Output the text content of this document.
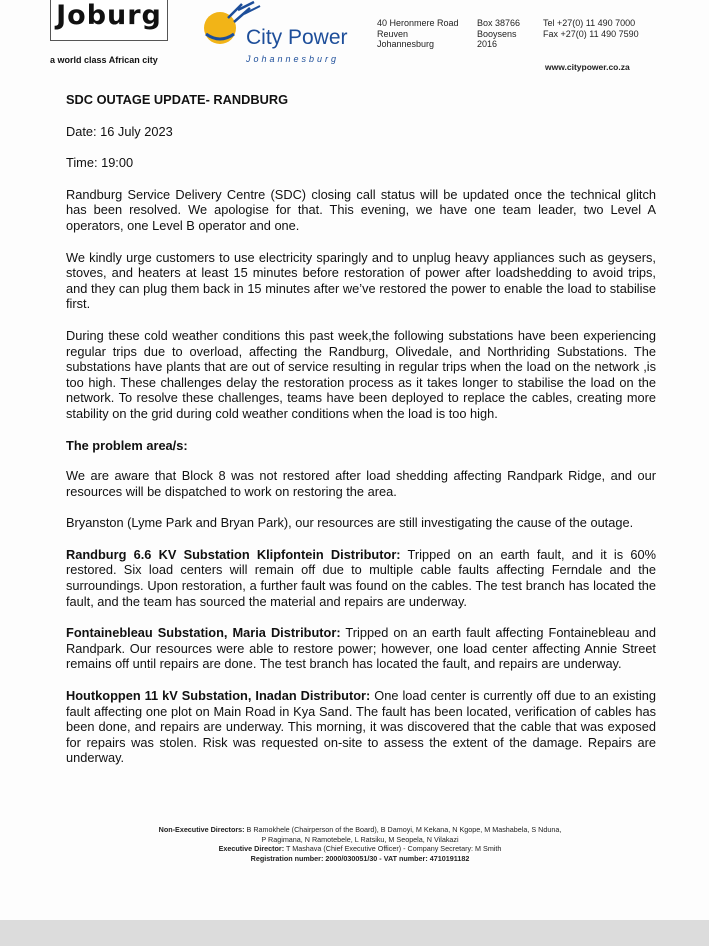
Joburg
a world class African city
City Power
Johannesburg
40 Heronmere Road
Reuven
Johannesburg
Box 38766
Booysens
2016
Tel +27(0) 11 490 7000
Fax +27(0) 11 490 7590
www.citypower.co.za
SDC OUTAGE UPDATE- RANDBURG
Date: 16 July 2023
Time: 19:00
Randburg Service Delivery Centre (SDC) closing call status will be updated once the technical glitch has been resolved. We apologise for that. This evening, we have one team leader, two Level A operators, one Level B operator and one.
We kindly urge customers to use electricity sparingly and to unplug heavy appliances such as geysers, stoves, and heaters at least 15 minutes before restoration of power after loadshedding to avoid trips, and they can plug them back in 15 minutes after we’ve restored the power to enable the load to stabilise first.
During these cold weather conditions this past week,the following substations have been experiencing regular trips due to overload, affecting the Randburg, Olivedale, and Northriding Substations. The substations have plants that are out of service resulting in regular trips when the load on the network ,is too high. These challenges delay the restoration process as it takes longer to stabilise the load on the network. To resolve these challenges, teams have been deployed to replace the cables, creating more stability on the grid during cold weather conditions when the load is too high.
The problem area/s:
We are aware that Block 8 was not restored after load shedding affecting Randpark Ridge, and our resources will be dispatched to work on restoring the area.
Bryanston (Lyme Park and Bryan Park), our resources are still investigating the cause of the outage.
Randburg 6.6 KV Substation Klipfontein Distributor: Tripped on an earth fault, and it is 60% restored. Six load centers will remain off due to multiple cable faults affecting Ferndale and the surroundings. Upon restoration, a further fault was found on the cables. The test branch has located the fault, and the team has sourced the material and repairs are underway.
Fontainebleau Substation, Maria Distributor: Tripped on an earth fault affecting Fontainebleau and Randpark. Our resources were able to restore power; however, one load center affecting Annie Street remains off until repairs are done. The test branch has located the fault, and repairs are underway.
Houtkoppen 11 kV Substation, Inadan Distributor: One load center is currently off due to an existing fault affecting one plot on Main Road in Kya Sand. The fault has been located, verification of cables has been done, and repairs are underway. This morning, it was discovered that the cable that was exposed for repairs was stolen. Risk was requested on-site to assess the extent of the damage. Repairs are underway.
Non-Executive Directors: B Ramokhele (Chairperson of the Board), B Damoyi, M Kekana, N Kgope, M Mashabela, S Nduna,
P Ragimana, N Ramotebele, L Ratsiku, M Seopela, N Vilakazi
Executive Director: T Mashava (Chief Executive Officer) - Company Secretary: M Smith
Registration number: 2000/030051/30 - VAT number: 4710191182
